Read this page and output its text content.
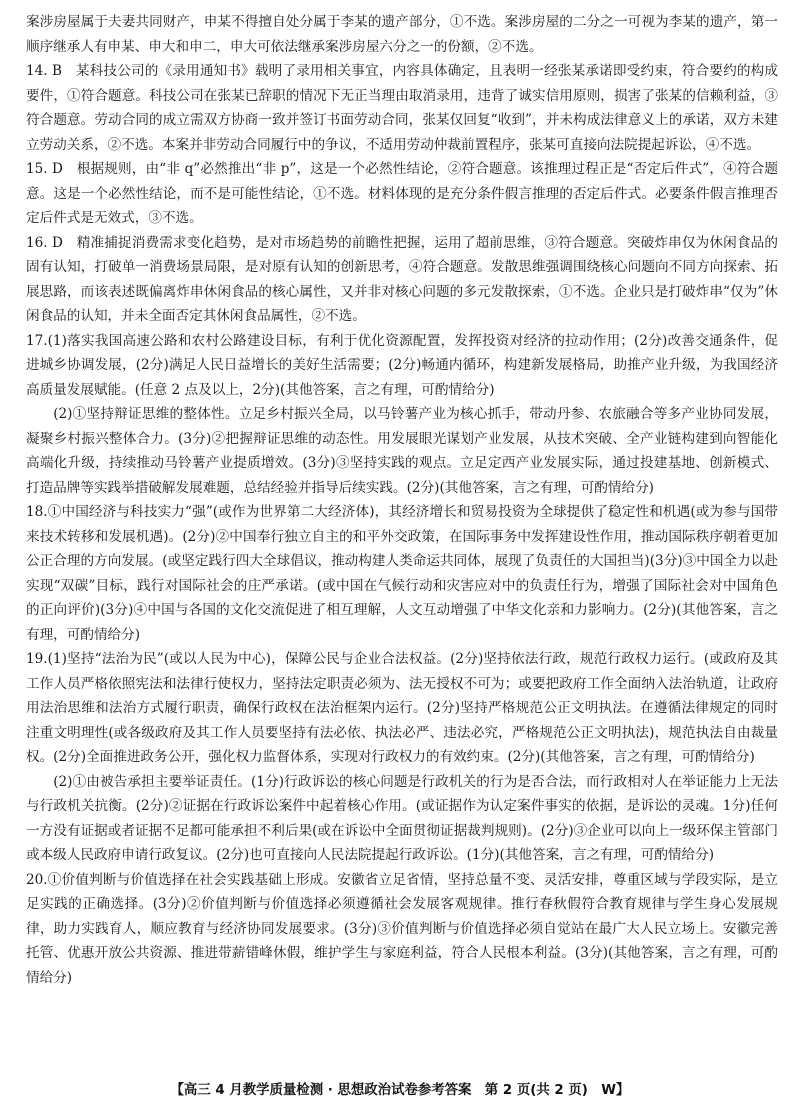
案涉房屋属于夫妻共同财产，申某不得擅自处分属于李某的遗产部分，①不选。案涉房屋的二分之一可视为李某的遗产，第一顺序继承人有申某、申大和申二，申大可依法继承案涉房屋六分之一的份额，②不选。

14. B　 某科技公司的《录用通知书》载明了录用相关事宜，内容具体确定，且表明一经张某承诺即受约束，符合要约的构成要件，①符合题意。科技公司在张某已辞职的情况下无正当理由取消录用，违背了诚实信用原则，损害了张某的信赖利益，③符合题意。劳动合同的成立需双方协商一致并签订书面劳动合同，张某仅回复“收到”，并未构成法律意义上的承诺，双方未建立劳动关系，②不选。本案并非劳动合同履行中的争议，不适用劳动仲裁前置程序，张某可直接向法院提起诉讼，④不选。

15. D　 根据规则，由“非 q”必然推出“非 p”，这是一个必然性结论，②符合题意。该推理过程正是“否定后件式”，④符合题意。这是一个必然性结论，而不是可能性结论，①不选。材料体现的是充分条件假言推理的否定后件式。必要条件假言推理否定后件式是无效式，③不选。

16. D　 精准捕捉消费需求变化趋势，是对市场趋势的前瞻性把握，运用了超前思维，③符合题意。突破炸串仅为休闲食品的固有认知，打破单一消费场景局限，是对原有认知的创新思考，④符合题意。发散思维强调围绕核心问题向不同方向探索、拓展思路，而该表述既偏离炸串休闲食品的核心属性，又并非对核心问题的多元发散探索，①不选。企业只是打破炸串“仅为”休闲食品的认知，并未全面否定其休闲食品属性，②不选。

17.(1)落实我国高速公路和农村公路建设目标，有利于优化资源配置，发挥投资对经济的拉动作用；(2分)改善交通条件，促进城乡协调发展，(2分)满足人民日益增长的美好生活需要；(2分)畅通内循环，构建新发展格局，助推产业升级，为我国经济高质量发展赋能。(任意 2 点及以上，2分)(其他答案，言之有理，可酌情给分)

(2)①坚持辩证思维的整体性。立足乡村振兴全局，以马铃薯产业为核心抓手，带动丹参、农旅融合等多产业协同发展，凝聚乡村振兴整体合力。(3分)②把握辩证思维的动态性。用发展眼光谋划产业发展，从技术突破、全产业链构建到向智能化高端化升级，持续推动马铃薯产业提质增效。(3分)③坚持实践的观点。立足定西产业发展实际，通过投建基地、创新模式、打造品牌等实践举措破解发展难题，总结经验并指导后续实践。(2分)(其他答案，言之有理，可酌情给分)

18.①中国经济与科技实力“强”(或作为世界第二大经济体)，其经济增长和贸易投资为全球提供了稳定性和机遇(或为参与国带来技术转移和发展机遇)。(2分)②中国奉行独立自主的和平外交政策，在国际事务中发挥建设性作用，推动国际秩序朝着更加公正合理的方向发展。(或坚定践行四大全球倡议，推动构建人类命运共同体，展现了负责任的大国担当)(3分)③中国全力以赴实现“双碳”目标，践行对国际社会的庄严承诺。(或中国在气候行动和灾害应对中的负责任行为，增强了国际社会对中国角色的正向评价)(3分)④中国与各国的文化交流促进了相互理解，人文互动增强了中华文化亲和力影响力。(2分)(其他答案，言之有理，可酌情给分)

19.(1)坚持“法治为民”(或以人民为中心)，保障公民与企业合法权益。(2分)坚持依法行政，规范行政权力运行。(或政府及其工作人员严格依照宪法和法律行使权力，坚持法定职责必须为、法无授权不可为；或要把政府工作全面纳入法治轨道，让政府用法治思维和法治方式履行职责，确保行政权在法治框架内运行。(2分)坚持严格规范公正文明执法。在遵循法律规定的同时注重文明理性(或各级政府及其工作人员要坚持有法必依、执法必严、违法必究，严格规范公正文明执法)，规范执法自由裁量权。(2分)全面推进政务公开，强化权力监督体系，实现对行政权力的有效约束。(2分)(其他答案，言之有理，可酌情给分)

(2)①由被告承担主要举证责任。(1分)行政诉讼的核心问题是行政机关的行为是否合法，而行政相对人在举证能力上无法与行政机关抗衡。(2分)②证据在行政诉讼案件中起着核心作用。(或证据作为认定案件事实的依据，是诉讼的灵魂。1分)任何一方没有证据或者证据不足都可能承担不利后果(或在诉讼中全面贯彻证据裁判规则)。(2分)③企业可以向上一级环保主管部门或本级人民政府申请行政复议。(2分)也可直接向人民法院提起行政诉讼。(1分)(其他答案，言之有理，可酌情给分)

20.①价值判断与价值选择在社会实践基础上形成。安徽省立足省情，坚持总量不变、灵活安排，尊重区域与学段实际，是立足实践的正确选择。(3分)②价值判断与价值选择必须遵循社会发展客观规律。推行春秋假符合教育规律与学生身心发展规律，助力实践育人，顺应教育与经济协同发展要求。(3分)③价值判断与价值选择必须自觉站在最广大人民立场上。安徽完善托管、优惠开放公共资源、推进带薪错峰休假，维护学生与家庭利益，符合人民根本利益。(3分)(其他答案，言之有理，可酌情给分)

【高三 4 月教学质量检测 · 思想政治试卷参考答案　第 2 页(共 2 页)　W】
